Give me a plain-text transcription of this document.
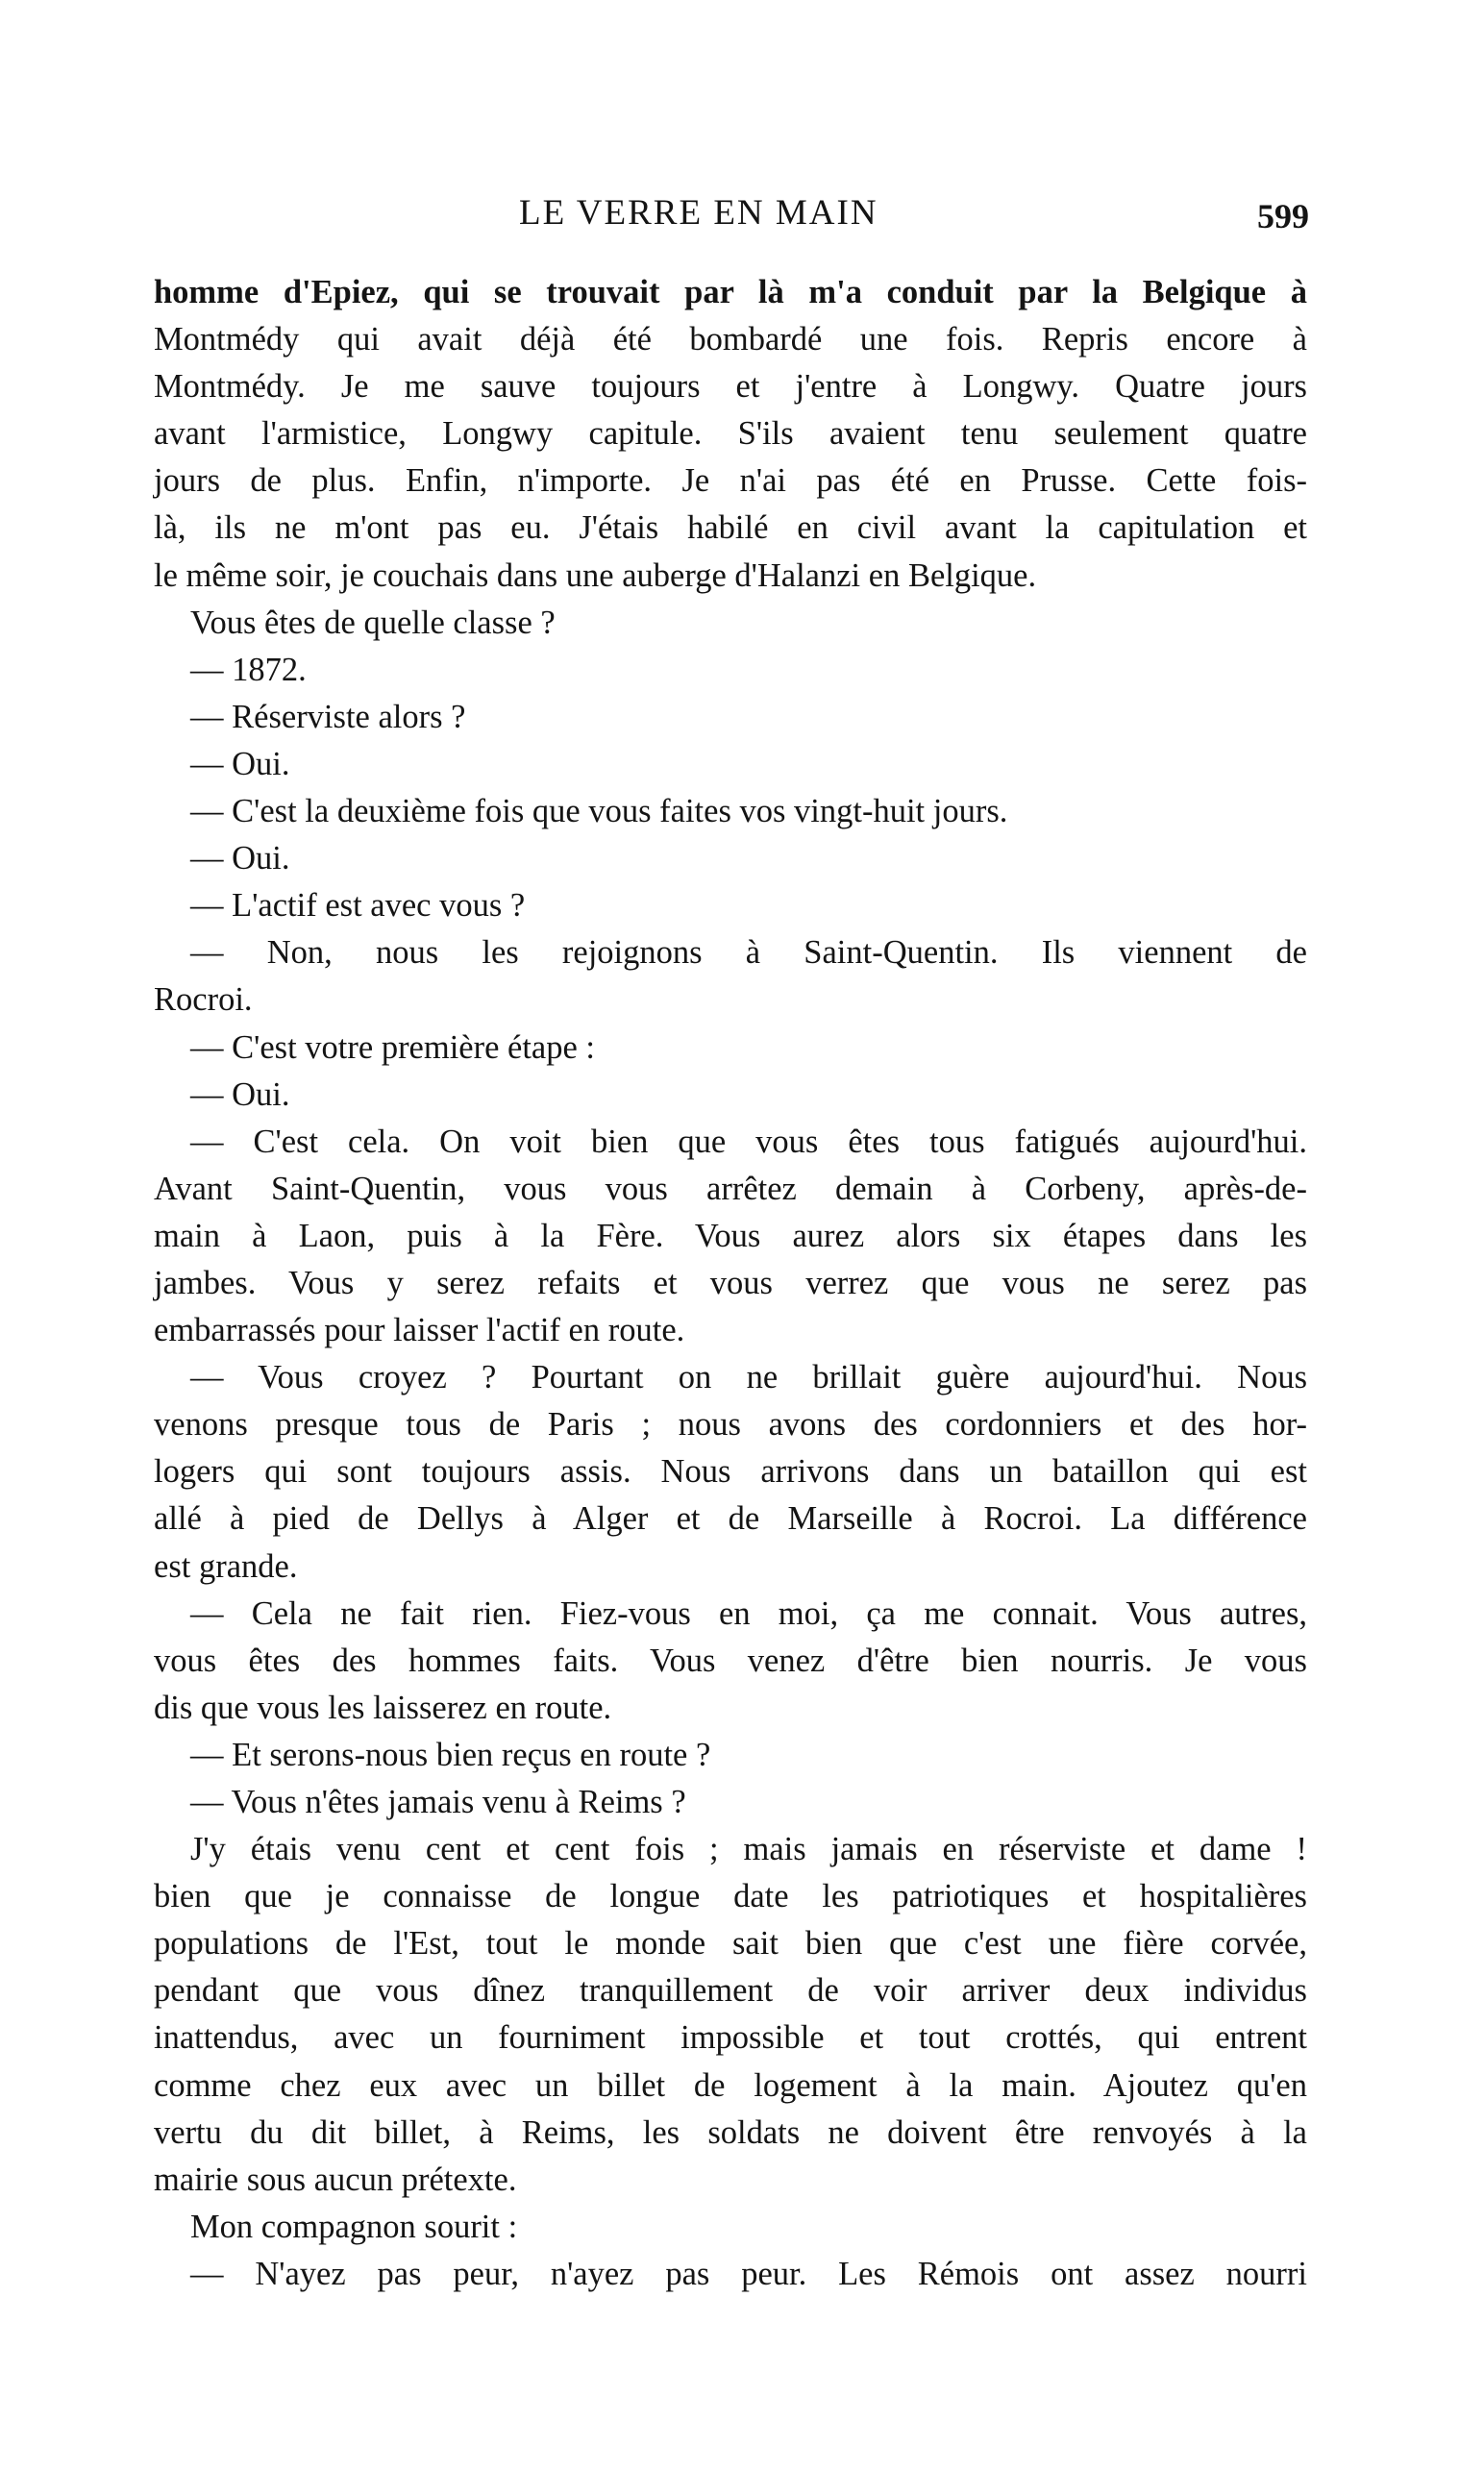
LE VERRE EN MAIN	599
homme d'Epiez, qui se trouvait par là m'a conduit par la Belgique à
Montmédy qui avait déjà été bombardé une fois. Repris encore à
Montmédy. Je me sauve toujours et j'entre à Longwy. Quatre jours
avant l'armistice, Longwy capitule. S'ils avaient tenu seulement quatre
jours de plus. Enfin, n'importe. Je n'ai pas été en Prusse. Cette fois-
là, ils ne m'ont pas eu. J'étais habilé en civil avant la capitulation et
le même soir, je couchais dans une auberge d'Halanzi en Belgique.
Vous êtes de quelle classe ?
— 1872.
— Réserviste alors ?
— Oui.
— C'est la deuxième fois que vous faites vos vingt-huit jours.
— Oui.
— L'actif est avec vous ?
— Non, nous les rejoignons à Saint-Quentin. Ils viennent de
Rocroi.
— C'est votre première étape :
— Oui.
— C'est cela. On voit bien que vous êtes tous fatigués aujourd'hui.
Avant Saint-Quentin, vous vous arrêtez demain à Corbeny, après-de-
main à Laon, puis à la Fère. Vous aurez alors six étapes dans les
jambes. Vous y serez refaits et vous verrez que vous ne serez pas
embarrassés pour laisser l'actif en route.
— Vous croyez ? Pourtant on ne brillait guère aujourd'hui. Nous
venons presque tous de Paris ; nous avons des cordonniers et des hor-
logers qui sont toujours assis. Nous arrivons dans un bataillon qui est
allé à pied de Dellys à Alger et de Marseille à Rocroi. La différence
est grande.
— Cela ne fait rien. Fiez-vous en moi, ça me connait. Vous autres,
vous êtes des hommes faits. Vous venez d'être bien nourris. Je vous
dis que vous les laisserez en route.
— Et serons-nous bien reçus en route ?
— Vous n'êtes jamais venu à Reims ?
J'y étais venu cent et cent fois ; mais jamais en réserviste et dame !
bien que je connaisse de longue date les patriotiques et hospitalières
populations de l'Est, tout le monde sait bien que c'est une fière corvée,
pendant que vous dînez tranquillement de voir arriver deux individus
inattendus, avec un fourniment impossible et tout crottés, qui entrent
comme chez eux avec un billet de logement à la main. Ajoutez qu'en
vertu du dit billet, à Reims, les soldats ne doivent être renvoyés à la
mairie sous aucun prétexte.
Mon compagnon sourit :
— N'ayez pas peur, n'ayez pas peur. Les Rémois ont assez nourri
